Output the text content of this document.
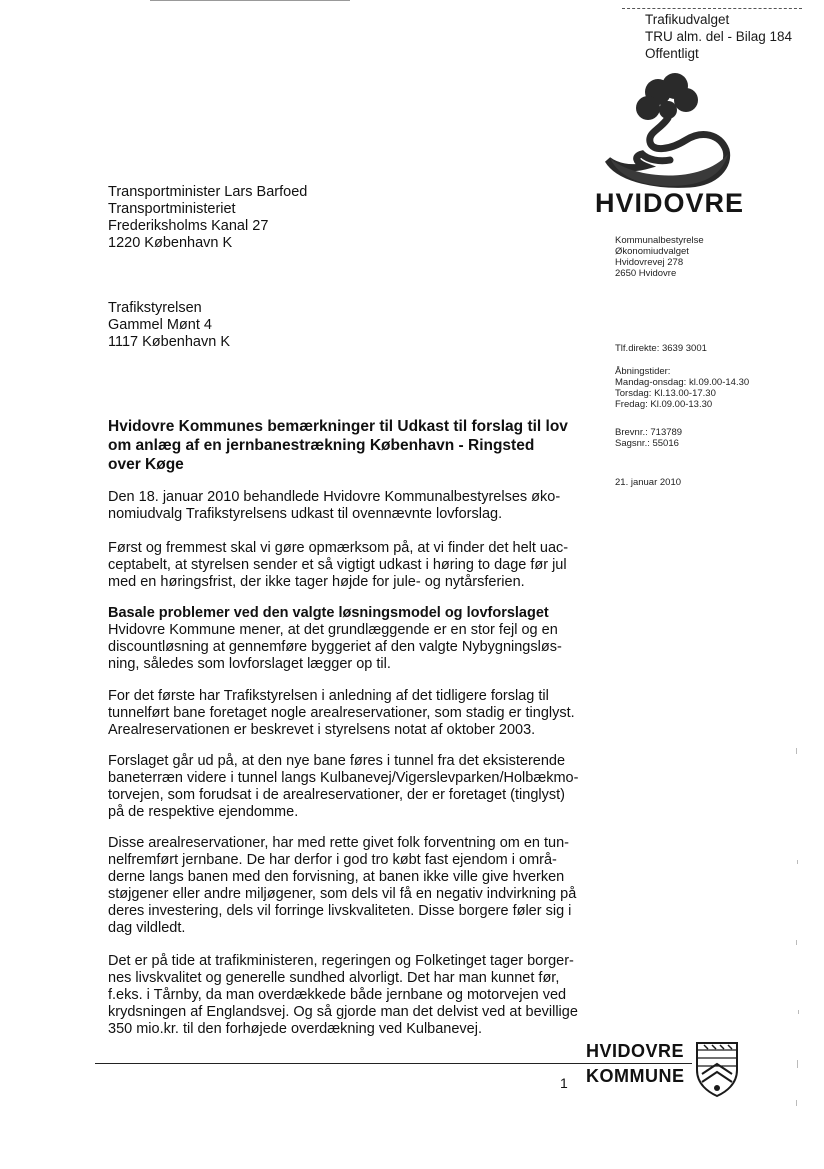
Trafikudvalget
TRU alm. del - Bilag 184
Offentligt
HVIDOVRE
Kommunalbestyrelse
Økonomiudvalget
Hvidovrevej 278
2650 Hvidovre
Transportminister Lars Barfoed
Transportministeriet
Frederiksholms Kanal 27
1220 København K
Trafikstyrelsen
Gammel Mønt 4
1117 København K	Tlf.direkte: 3639 3001
Åbningstider:
Mandag-onsdag: kl.09.00-14.30
Torsdag: Kl.13.00-17.30
Fredag: Kl.09.00-13.30
Brevnr.: 713789
Sagsnr.: 55016
21. januar 2010
Hvidovre Kommunes bemærkninger til Udkast til forslag til lov
om anlæg af en jernbanestrækning København - Ringsted
over Køge
Den 18. januar 2010 behandlede Hvidovre Kommunalbestyrelses øko-
nomiudvalg Trafikstyrelsens udkast til ovennævnte lovforslag.
Først og fremmest skal vi gøre opmærksom på, at vi finder det helt uac-
ceptabelt, at styrelsen sender et så vigtigt udkast i høring to dage før jul
med en høringsfrist, der ikke tager højde for jule- og nytårsferien.
Basale problemer ved den valgte løsningsmodel og lovforslaget
Hvidovre Kommune mener, at det grundlæggende er en stor fejl og en
discountløsning at gennemføre byggeriet af den valgte Nybygningsløs-
ning, således som lovforslaget lægger op til.
For det første har Trafikstyrelsen i anledning af det tidligere forslag til
tunnelført bane foretaget nogle arealreservationer, som stadig er tinglyst.
Arealreservationen er beskrevet i styrelsens notat af oktober 2003.
Forslaget går ud på, at den nye bane føres i tunnel fra det eksisterende
baneterræn videre i tunnel langs Kulbanevej/Vigerslevparken/Holbækmo-
torvejen, som forudsat i de arealreservationer, der er foretaget (tinglyst)
på de respektive ejendomme.
Disse arealreservationer, har med rette givet folk forventning om en tun-
nelfremført jernbane. De har derfor i god tro købt fast ejendom i områ-
derne langs banen med den forvisning, at banen ikke ville give hverken
støjgener eller andre miljøgener, som dels vil få en negativ indvirkning på
deres investering, dels vil forringe livskvaliteten. Disse borgere føler sig i
dag vildledt.
Det er på tide at trafikministeren, regeringen og Folketinget tager borger-
nes livskvalitet og generelle sundhed alvorligt. Det har man kunnet før,
f.eks. i Tårnby, da man overdækkede både jernbane og motorvejen ved
krydsningen af Englandsvej. Og så gjorde man det delvist ved at bevillige
350 mio.kr. til den forhøjede overdækning ved Kulbanevej.
1
HVIDOVRE
KOMMUNE
